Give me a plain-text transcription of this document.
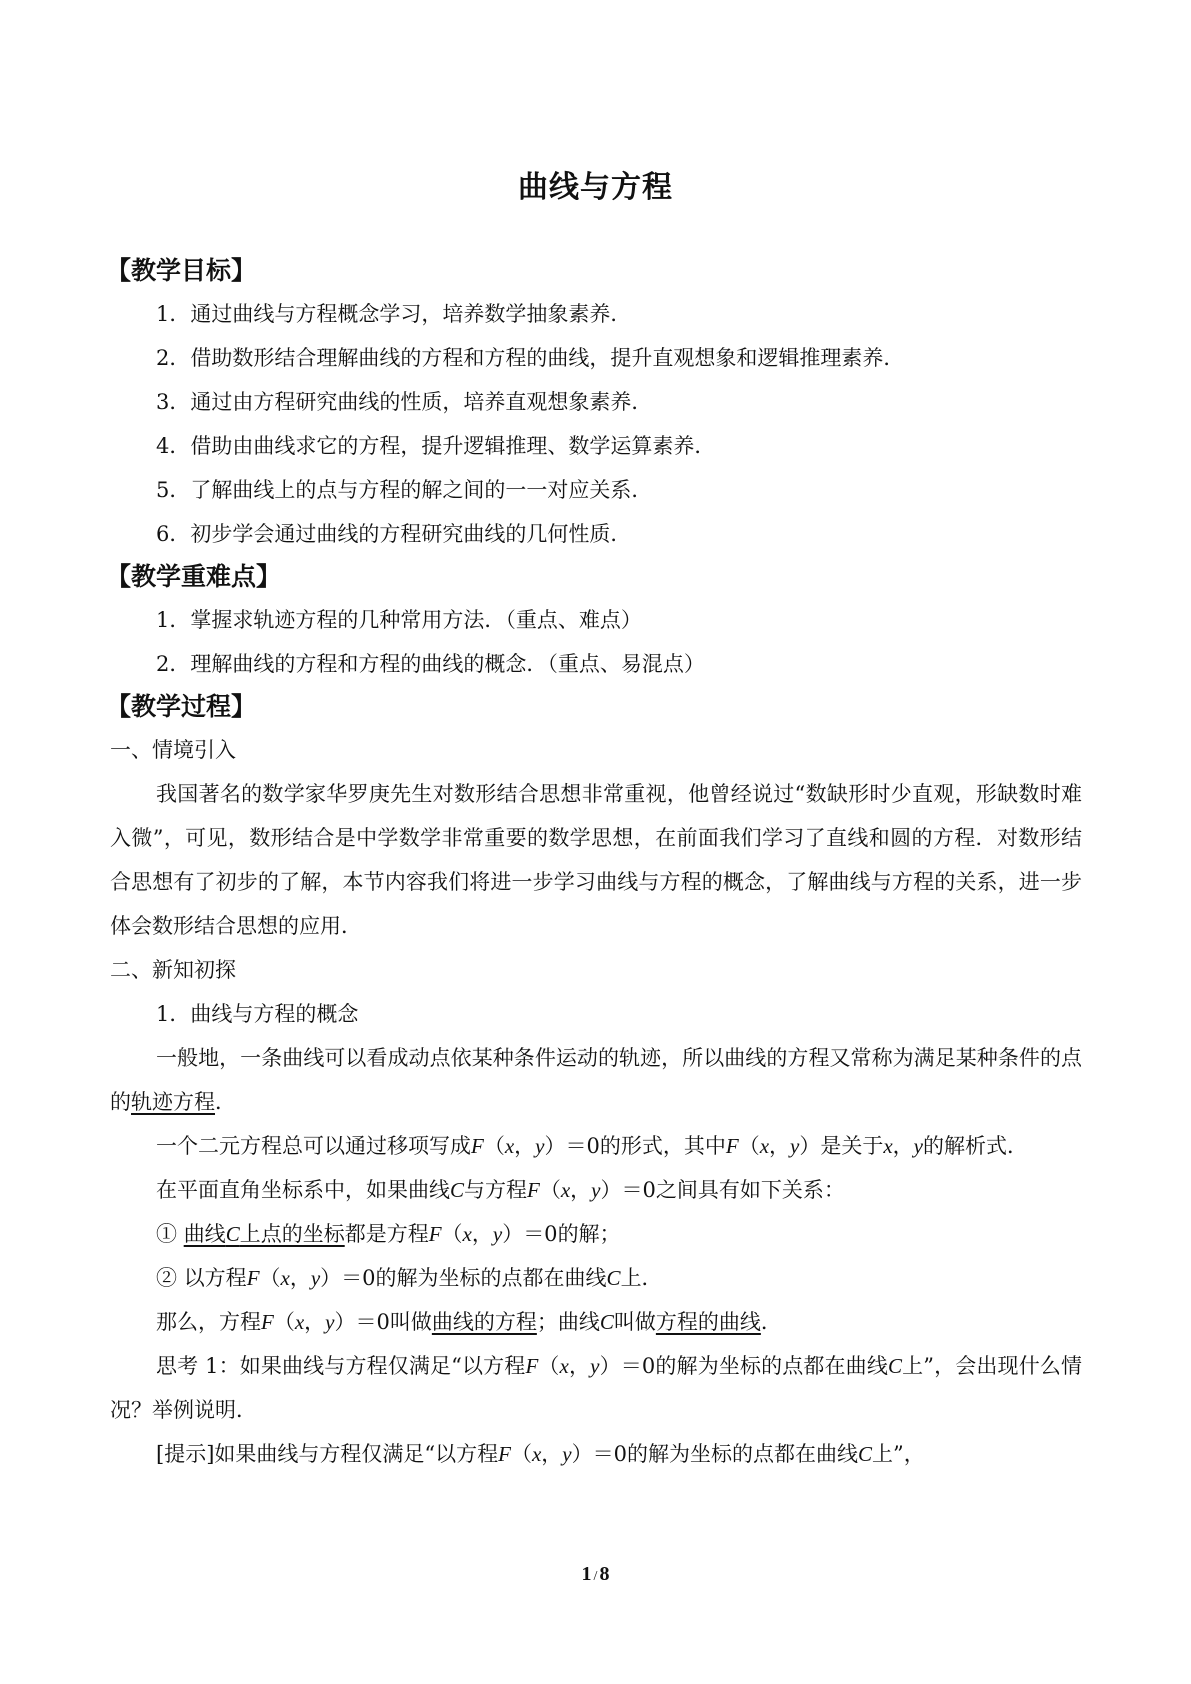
曲线与方程
【教学目标】
1．通过曲线与方程概念学习，培养数学抽象素养．
2．借助数形结合理解曲线的方程和方程的曲线，提升直观想象和逻辑推理素养．
3．通过由方程研究曲线的性质，培养直观想象素养．
4．借助由曲线求它的方程，提升逻辑推理、数学运算素养．
5．了解曲线上的点与方程的解之间的一一对应关系．
6．初步学会通过曲线的方程研究曲线的几何性质．
【教学重难点】
1．掌握求轨迹方程的几种常用方法．（重点、难点）
2．理解曲线的方程和方程的曲线的概念．（重点、易混点）
【教学过程】
一、情境引入
我国著名的数学家华罗庚先生对数形结合思想非常重视，他曾经说过“数缺形时少直观，形缺数时难入微”，可见，数形结合是中学数学非常重要的数学思想，在前面我们学习了直线和圆的方程．对数形结合思想有了初步的了解，本节内容我们将进一步学习曲线与方程的概念，了解曲线与方程的关系，进一步体会数形结合思想的应用．
二、新知初探
1．曲线与方程的概念
一般地，一条曲线可以看成动点依某种条件运动的轨迹，所以曲线的方程又常称为满足某种条件的点的轨迹方程．
一个二元方程总可以通过移项写成F（x，y）＝0的形式，其中F（x，y）是关于x，y的解析式．
在平面直角坐标系中，如果曲线C与方程F（x，y）＝0之间具有如下关系：
① 曲线C上点的坐标都是方程F（x，y）＝0的解；
② 以方程F（x，y）＝0的解为坐标的点都在曲线C上．
那么，方程F（x，y）＝0叫做曲线的方程；曲线C叫做方程的曲线．
思考 1：如果曲线与方程仅满足“以方程F（x，y）＝0的解为坐标的点都在曲线C上”，会出现什么情况？举例说明．
[提示]如果曲线与方程仅满足“以方程F（x，y）＝0的解为坐标的点都在曲线C上”，
1 / 8
